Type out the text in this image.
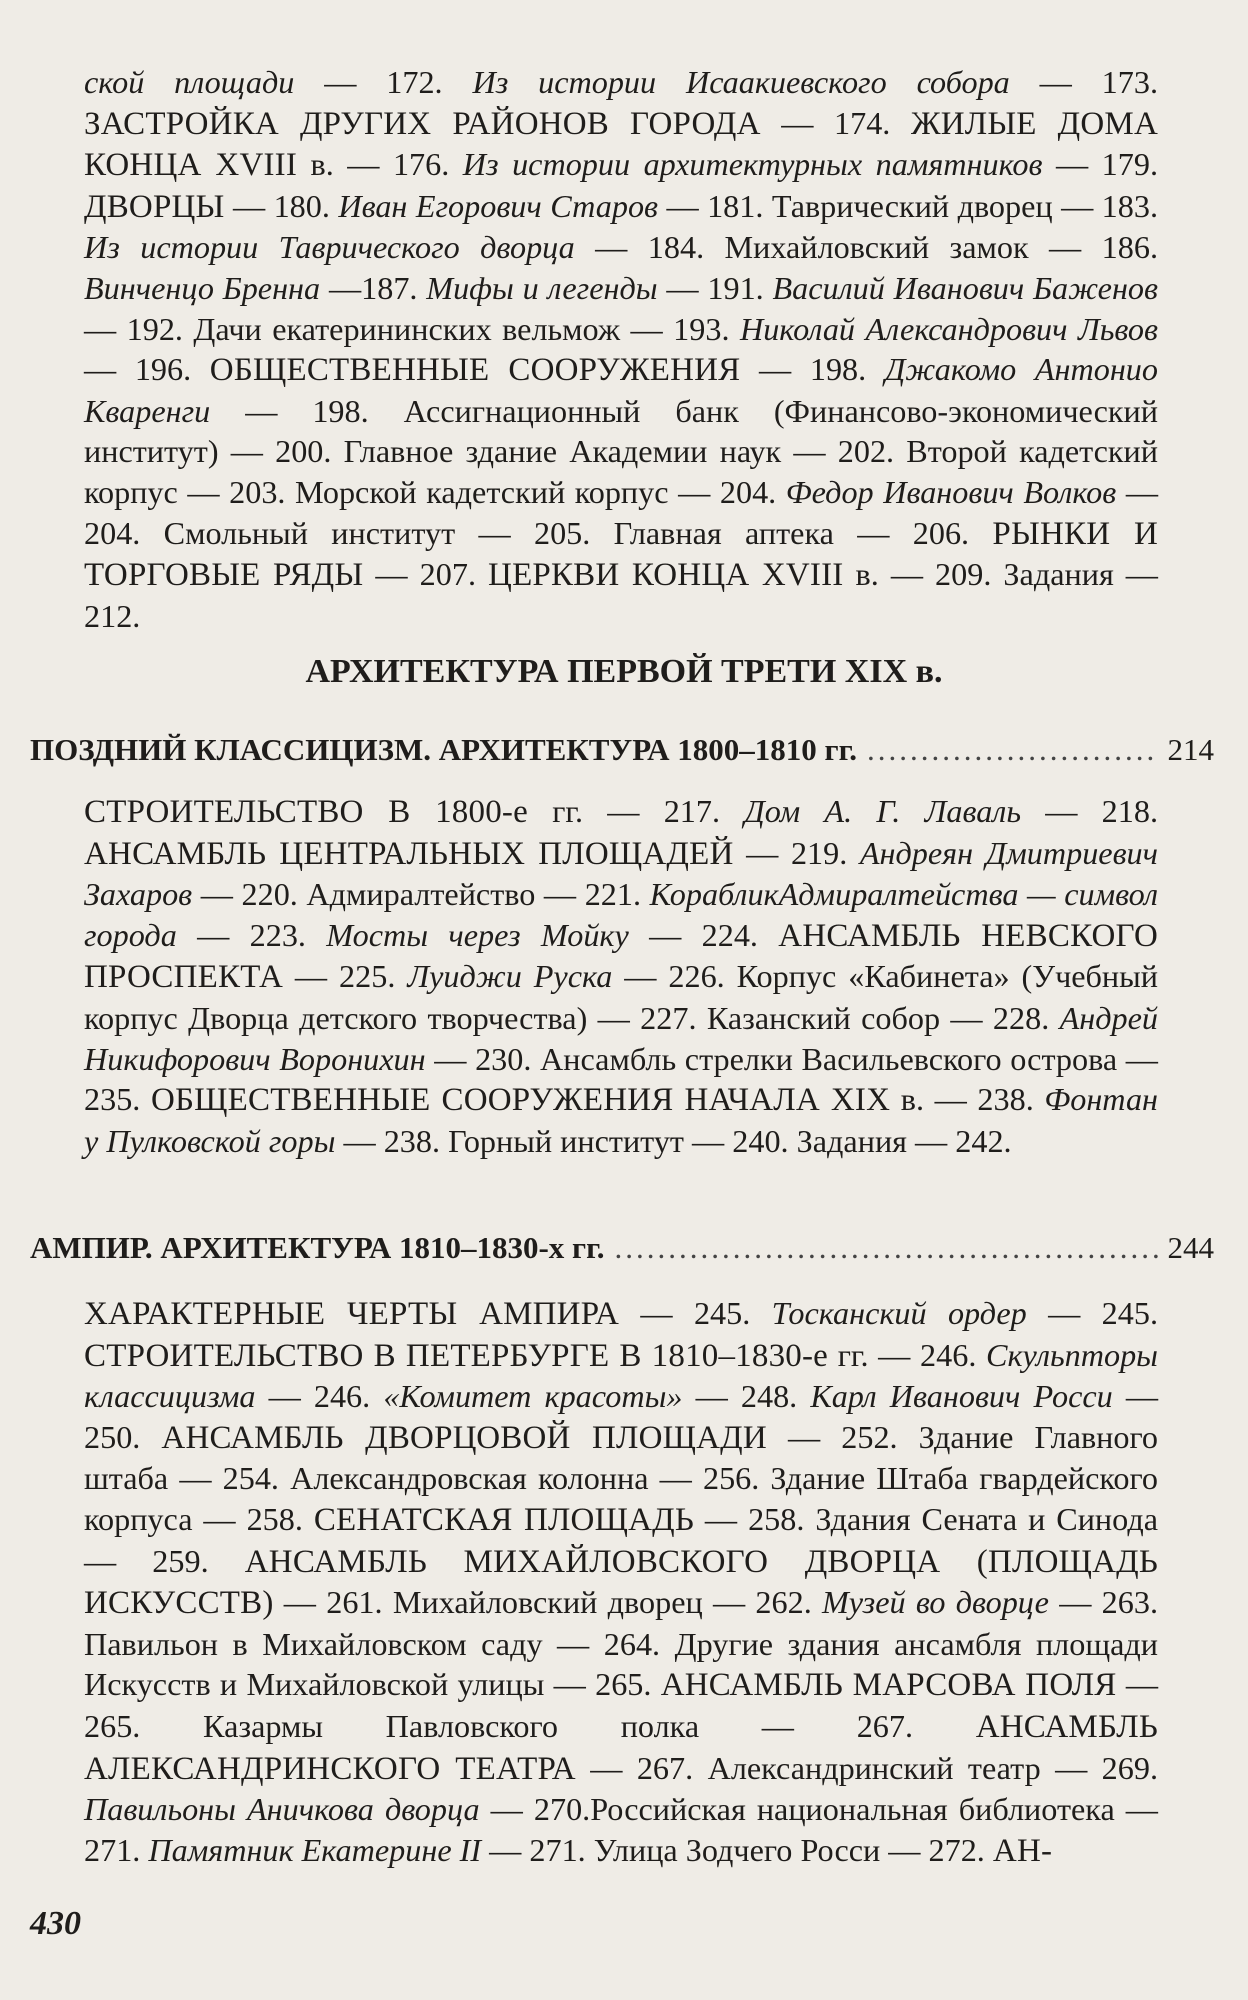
ской площади — 172. Из истории Исаакиевского собора — 173. ЗАСТРОЙКА ДРУГИХ РАЙОНОВ ГОРОДА — 174. ЖИЛЫЕ ДОМА КОНЦА XVIII в. — 176. Из истории архитектурных памятников — 179. ДВОРЦЫ — 180. Иван Егорович Старов — 181. Таврический дворец — 183. Из истории Таврического дворца — 184. Михайловский замок — 186. Винченцо Бренна —187. Мифы и легенды — 191. Василий Иванович Баженов — 192. Дачи екатерининских вельмож — 193. Николай Александрович Львов — 196. ОБЩЕСТВЕННЫЕ СООРУЖЕНИЯ — 198. Джакомо Антонио Кваренги — 198. Ассигнационный банк (Финансово-экономический институт) — 200. Главное здание Академии наук — 202. Второй кадетский корпус — 203. Морской кадетский корпус — 204. Федор Иванович Волков — 204. Смольный институт — 205. Главная аптека — 206. РЫНКИ И ТОРГОВЫЕ РЯДЫ — 207. ЦЕРКВИ КОНЦА XVIII в. — 209. Задания — 212.

АРХИТЕКТУРА ПЕРВОЙ ТРЕТИ XIX в.
ПОЗДНИЙ КЛАССИЦИЗМ. АРХИТЕКТУРА 1800–1810 гг. .....	214

СТРОИТЕЛЬСТВО В 1800-е гг. — 217. Дом А. Г. Лаваль — 218. АНСАМБЛЬ ЦЕНТРАЛЬНЫХ ПЛОЩАДЕЙ — 219. Андреян Дмитриевич Захаров — 220. Адмиралтейство — 221. КорабликАдмиралтейства — символ города — 223. Мосты через Мойку — 224. АНСАМБЛЬ НЕВСКОГО ПРОСПЕКТА — 225. Луиджи Руска — 226. Корпус «Кабинета» (Учебный корпус Дворца детского творчества) — 227. Казанский собор — 228. Андрей Никифорович Воронихин — 230. Ансамбль стрелки Васильевского острова — 235. ОБЩЕСТВЕННЫЕ СООРУЖЕНИЯ НАЧАЛА XIX в. — 238. Фонтан у Пулковской горы — 238. Горный институт — 240. Задания — 242.

АМПИР. АРХИТЕКТУРА 1810–1830-х гг. .....	244

ХАРАКТЕРНЫЕ ЧЕРТЫ АМПИРА — 245. Тосканский ордер — 245. СТРОИТЕЛЬСТВО В ПЕТЕРБУРГЕ В 1810–1830-е гг. — 246. Скульпторы классицизма — 246. «Комитет красоты» — 248. Карл Иванович Росси — 250. АНСАМБЛЬ ДВОРЦОВОЙ ПЛОЩАДИ — 252. Здание Главного штаба — 254. Александровская колонна — 256. Здание Штаба гвардейского корпуса — 258. СЕНАТСКАЯ ПЛОЩАДЬ — 258. Здания Сената и Синода — 259. АНСАМБЛЬ МИХАЙЛОВСКОГО ДВОРЦА (ПЛОЩАДЬ ИСКУССТВ) — 261. Михайловский дворец — 262. Музей во дворце — 263. Павильон в Михайловском саду — 264. Другие здания ансамбля площади Искусств и Михайловской улицы — 265. АНСАМБЛЬ МАРСОВА ПОЛЯ — 265. Казармы Павловского полка — 267. АНСАМБЛЬ АЛЕКСАНДРИНСКОГО ТЕАТРА — 267. Александринский театр — 269. Павильоны Аничкова дворца — 270.Российская национальная библиотека — 271. Памятник Екатерине II — 271. Улица Зодчего Росси — 272. АН-

430
